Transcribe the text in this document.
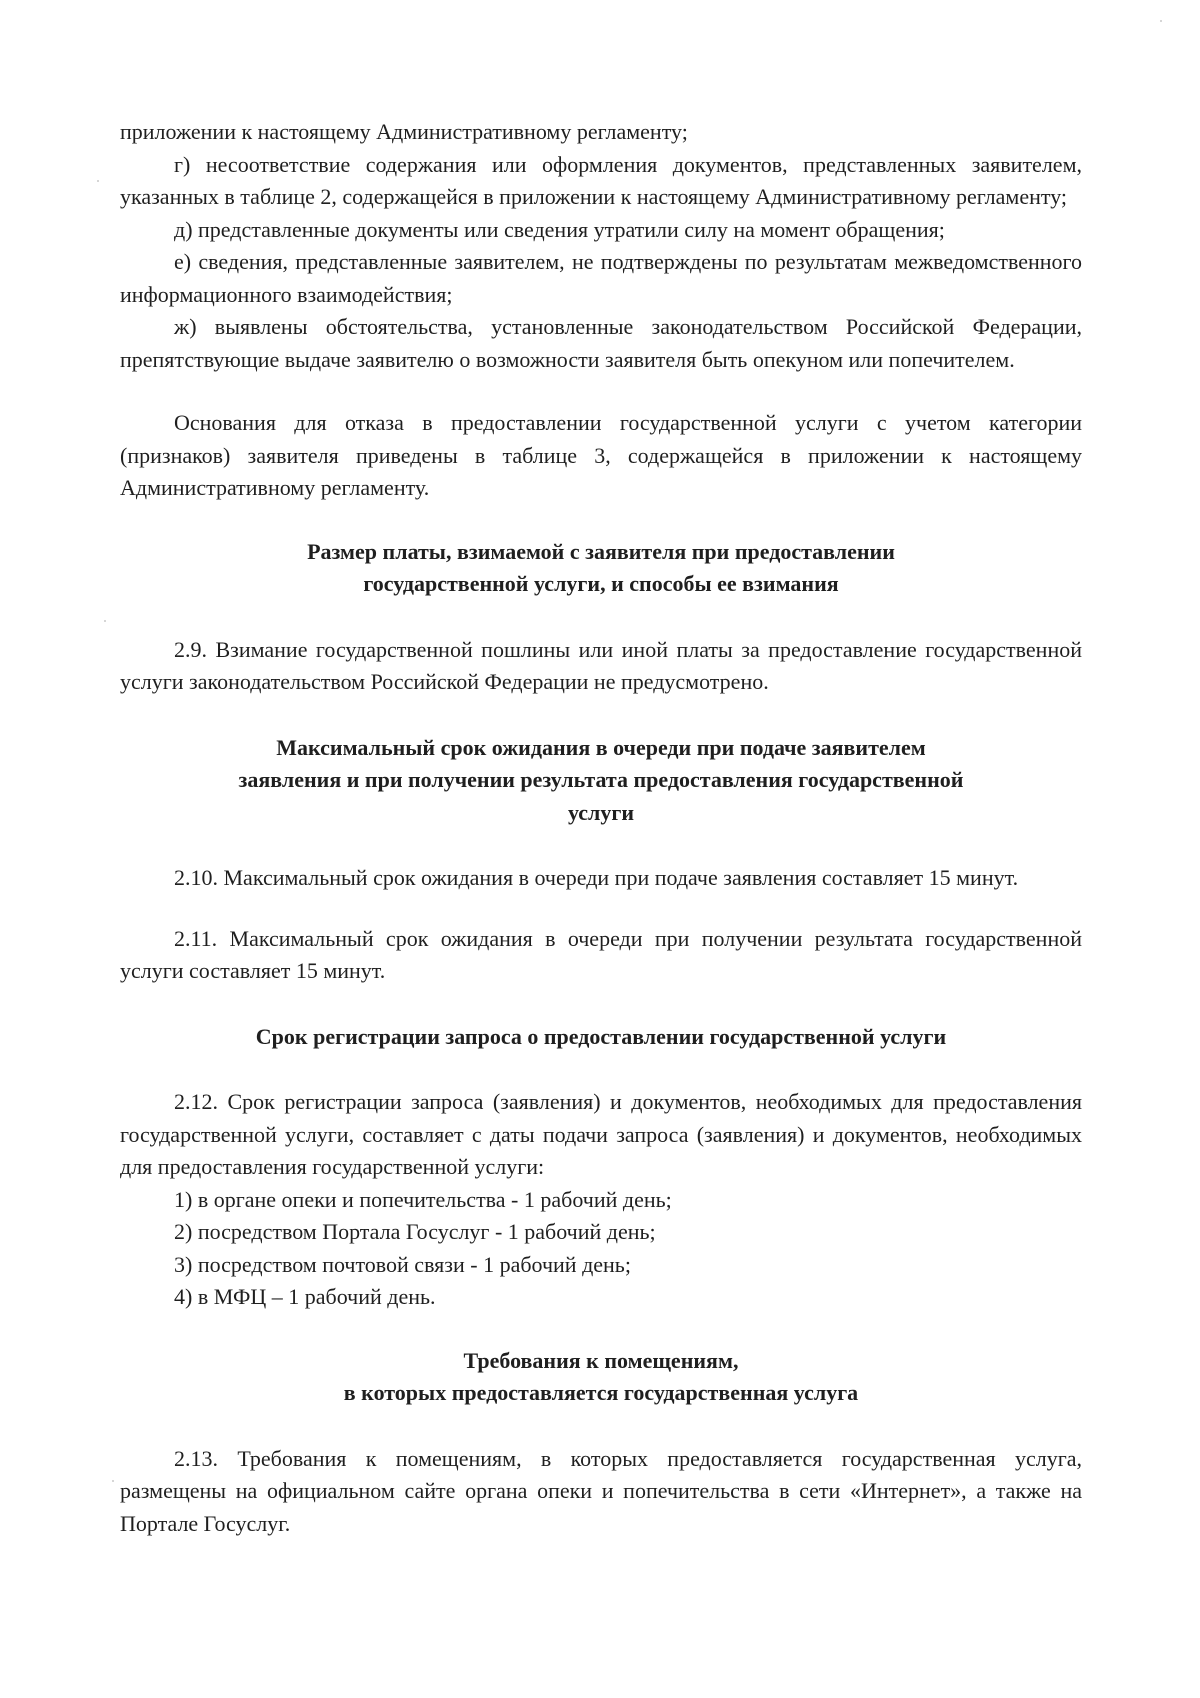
приложении к настоящему Административному регламенту;

г) несоответствие содержания или оформления документов, представленных заявителем, указанных в таблице 2, содержащейся в приложении к настоящему Административному регламенту;

д) представленные документы или сведения утратили силу на момент обращения;

е) сведения, представленные заявителем, не подтверждены по результатам межведомственного информационного взаимодействия;

ж) выявлены обстоятельства, установленные законодательством Российской Федерации, препятствующие выдаче заявителю о возможности заявителя быть опекуном или попечителем.

Основания для отказа в предоставлении государственной услуги с учетом категории (признаков) заявителя приведены в таблице 3, содержащейся в приложении к настоящему Административному регламенту.

Размер платы, взимаемой с заявителя при предоставлении
государственной услуги, и способы ее взимания

2.9. Взимание государственной пошлины или иной платы за предоставление государственной услуги законодательством Российской Федерации не предусмотрено.

Максимальный срок ожидания в очереди при подаче заявителем
заявления и при получении результата предоставления государственной
услуги

2.10. Максимальный срок ожидания в очереди при подаче заявления составляет 15 минут.

2.11. Максимальный срок ожидания в очереди при получении результата государственной услуги составляет 15 минут.

Срок регистрации запроса о предоставлении государственной услуги

2.12. Срок регистрации запроса (заявления) и документов, необходимых для предоставления государственной услуги, составляет с даты подачи запроса (заявления) и документов, необходимых для предоставления государственной услуги:

1) в органе опеки и попечительства - 1 рабочий день;

2) посредством Портала Госуслуг - 1 рабочий день;

3) посредством почтовой связи - 1 рабочий день;

4) в МФЦ – 1 рабочий день.

Требования к помещениям,
в которых предоставляется государственная услуга

2.13. Требования к помещениям, в которых предоставляется государственная услуга, размещены на официальном сайте органа опеки и попечительства в сети «Интернет», а также на Портале Госуслуг.
